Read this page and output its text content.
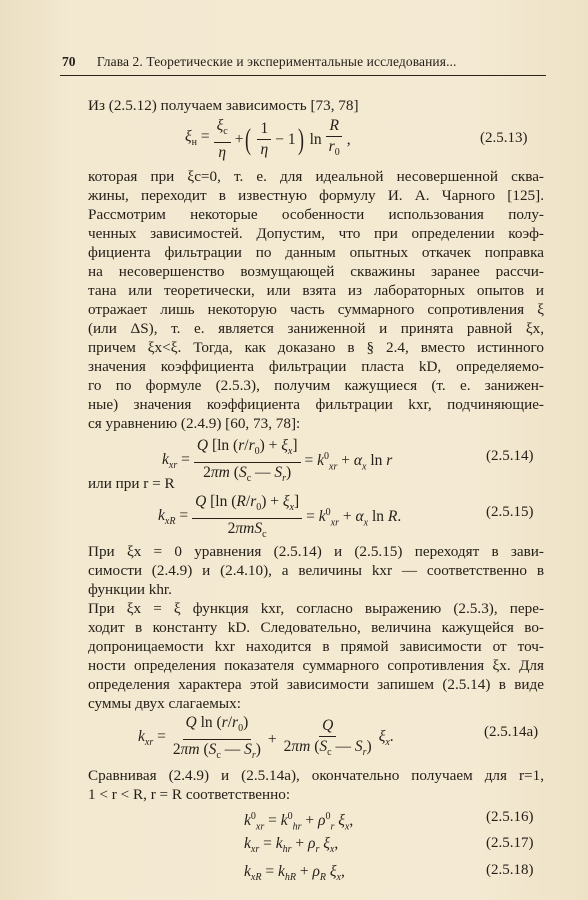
70 Глава 2. Теоретические и экспериментальные исследования...

Из (2.5.12) получаем зависимость [73, 78]

$\xi_н = \frac{\xi_c}{\eta}$ + ( $\frac{1}{\eta} - 1$ ) $\ln \frac{R}{r_0}$ ,	(2.5.13)

которая при ξc=0, т. е. для идеальной несовершенной сква-

жины, переходит в известную формулу И. А. Чарного [125].

Рассмотрим некоторые особенности использования полу-

ченных зависимостей. Допустим, что при определении коэф-

фициента фильтрации по данным опытных откачек поправка

на несовершенство возмущающей скважины заранее рассчи-

тана или теоретически, или взята из лабораторных опытов и

отражает лишь некоторую часть суммарного сопротивления ξ

(или ΔS), т. е. является заниженной и принята равной ξx,

причем ξx<ξ. Тогда, как доказано в § 2.4, вместо истинного

значения коэффициента фильтрации пласта kD, определяемо-

го по формуле (2.5.3), получим кажущиеся (т. е. занижен-

ные) значения коэффициента фильтрации kxr, подчиняющие-

ся уравнению (2.4.9) [60, 73, 78]:

$k_{xr} = \frac{Q [\ln (r/r_0) + \xi_x]}{2\pi m (S_c — S_r)} = k^0_{xr} + \alpha_x$ ln r	(2.5.14)

или при r = R

$k_{xR} = \frac{Q [\ln (R/r_0) + \xi_x]}{2\pi mS_c} = k^0_{xr} + \alpha_x$ ln R.	(2.5.15)

При ξx = 0 уравнения (2.5.14) и (2.5.15) переходят в зави-

симости (2.4.9) и (2.4.10), а величины kxr — соответственно в

функции khr.

При ξx = ξ функция kxr, согласно выражению (2.5.3), пере-

ходит в константу kD. Следовательно, величина кажущейся во-

допроницаемости kxr находится в прямой зависимости от точ-

ности определения показателя суммарного сопротивления ξx. Для

определения характера этой зависимости запишем (2.5.14) в виде

суммы двух слагаемых:

$k_{xr} = \frac{Q \ln (r/r_0)}{2\pi m (S_c — S_r)} + \frac{Q}{2\pi m (S_c — S_r)} \xi_x$.	(2.5.14а)

Сравнивая (2.4.9) и (2.5.14а), окончательно получаем для r=1,

1 < r < R, r = R соответственно:

$k^0_{xr} = k^0_{hr} + \rho^0_r$ $\xi_x$,	(2.5.16)
$k_{xr} = k_{hr} + \rho_r$ $\xi_x$,	(2.5.17)
$k_{xR} = k_{hR} + \rho_R$ $\xi_x$,	(2.5.18)
